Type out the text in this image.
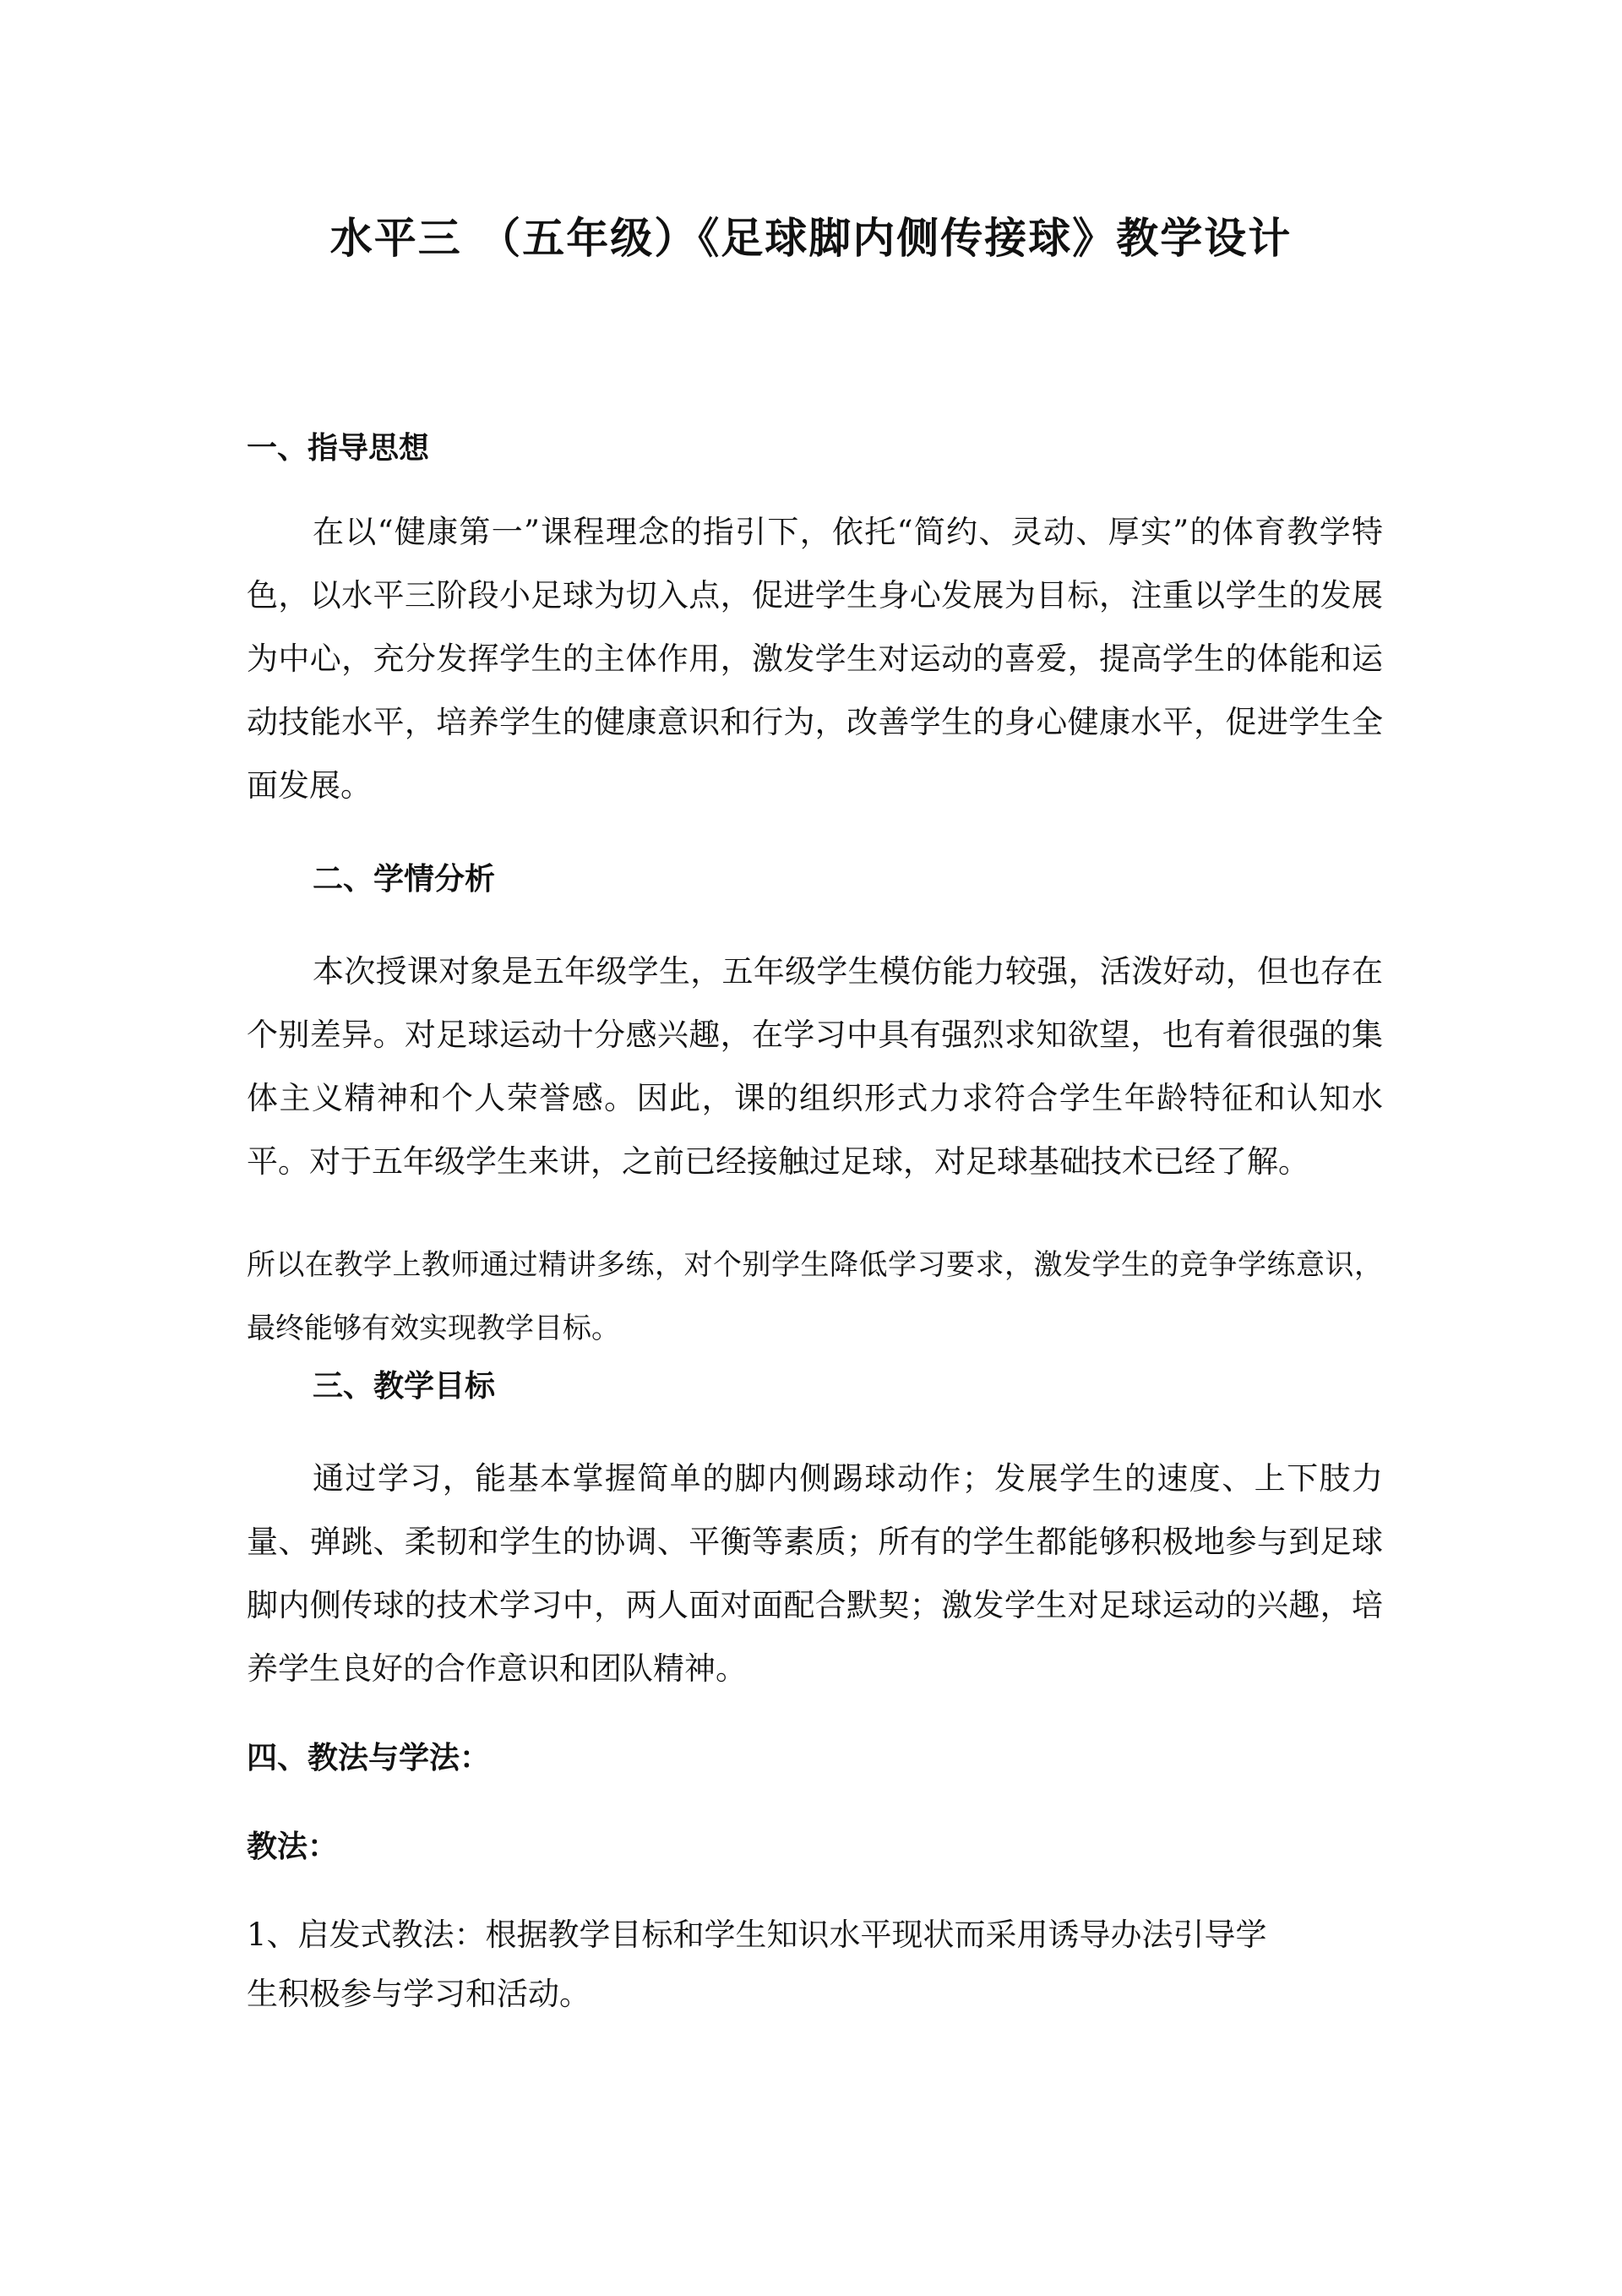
水平三 （五年级）《足球脚内侧传接球》教学设计
一、指导思想
在以“健康第一”课程理念的指引下，依托“简约、灵动、厚实”的体育教学特色，以水平三阶段小足球为切入点，促进学生身心发展为目标，注重以学生的发展为中心，充分发挥学生的主体作用，激发学生对运动的喜爱，提高学生的体能和运动技能水平，培养学生的健康意识和行为，改善学生的身心健康水平，促进学生全面发展。
二、学情分析
本次授课对象是五年级学生，五年级学生模仿能力较强，活泼好动，但也存在个别差异。对足球运动十分感兴趣，在学习中具有强烈求知欲望，也有着很强的集体主义精神和个人荣誉感。因此，课的组织形式力求符合学生年龄特征和认知水平。对于五年级学生来讲，之前已经接触过足球，对足球基础技术已经了解。
所以在教学上教师通过精讲多练，对个别学生降低学习要求，激发学生的竞争学练意识，最终能够有效实现教学目标。
三、教学目标
通过学习，能基本掌握简单的脚内侧踢球动作；发展学生的速度、上下肢力量、弹跳、柔韧和学生的协调、平衡等素质；所有的学生都能够积极地参与到足球脚内侧传球的技术学习中，两人面对面配合默契；激发学生对足球运动的兴趣，培养学生良好的合作意识和团队精神。
四、教法与学法：
教法：
1、启发式教法：根据教学目标和学生知识水平现状而采用诱导办法引导学
生积极参与学习和活动。
